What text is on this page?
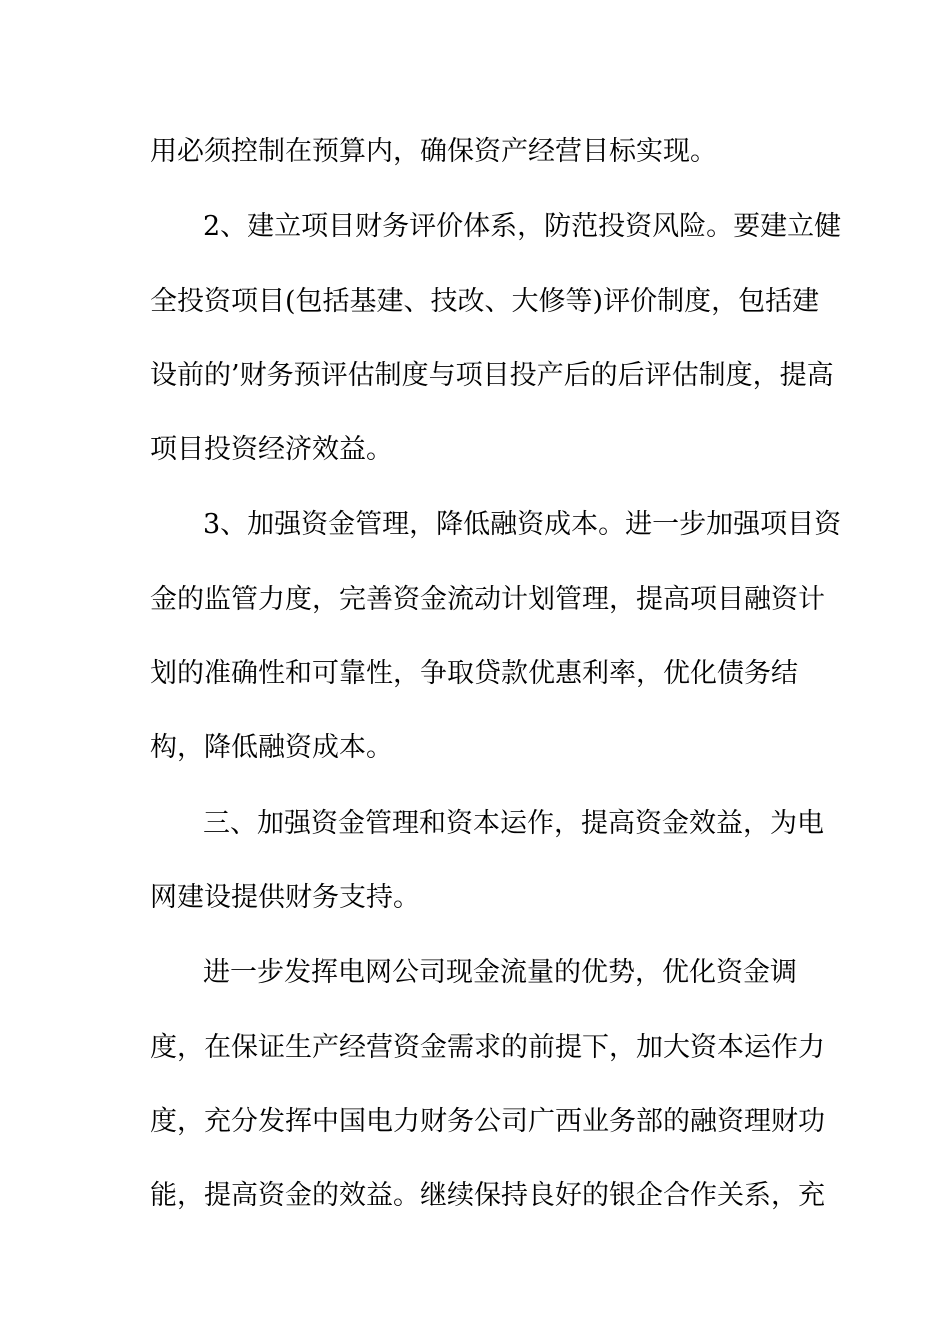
用必须控制在预算内，确保资产经营目标实现。
2、建立项目财务评价体系，防范投资风险。要建立健
全投资项目(包括基建、技改、大修等)评价制度，包括建
设前的’财务预评估制度与项目投产后的后评估制度，提高
项目投资经济效益。
3、加强资金管理，降低融资成本。进一步加强项目资
金的监管力度，完善资金流动计划管理，提高项目融资计
划的准确性和可靠性，争取贷款优惠利率，优化债务结
构，降低融资成本。
三、加强资金管理和资本运作，提高资金效益，为电
网建设提供财务支持。
进一步发挥电网公司现金流量的优势，优化资金调
度，在保证生产经营资金需求的前提下，加大资本运作力
度，充分发挥中国电力财务公司广西业务部的融资理财功
能，提高资金的效益。继续保持良好的银企合作关系，充
